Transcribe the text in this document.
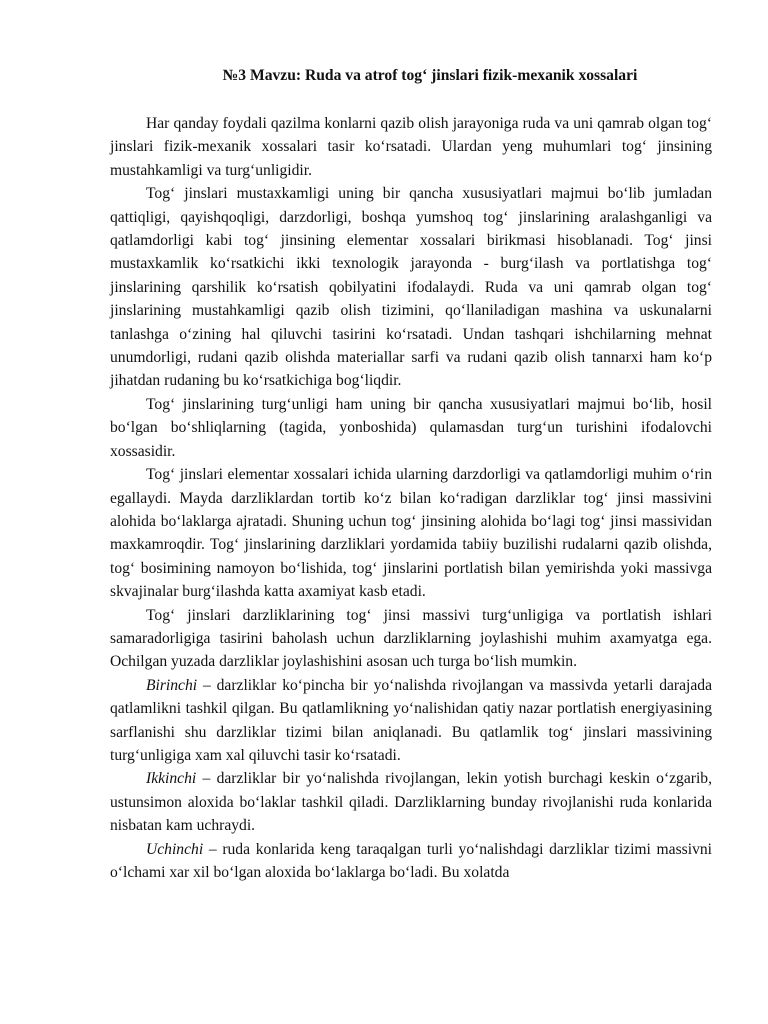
№3 Mavzu: Ruda va atrof tog‘ jinslari fizik-mexanik xossalari

Har qanday foydali qazilma konlarni qazib olish jarayoniga ruda va uni qamrab olgan tog‘ jinslari fizik-mexanik xossalari tasir ko‘rsatadi. Ulardan yeng muhumlari tog‘ jinsining mustahkamligi va turg‘unligidir.

Tog‘ jinslari mustaxkamligi uning bir qancha xususiyatlari majmui bo‘lib jumladan qattiqligi, qayishqoqligi, darzdorligi, boshqa yumshoq tog‘ jinslarining aralashganligi va qatlamdorligi kabi tog‘ jinsining elementar xossalari birikmasi hisoblanadi. Tog‘ jinsi mustaxkamlik ko‘rsatkichi ikki texnologik jarayonda - burg‘ilash va portlatishga tog‘ jinslarining qarshilik ko‘rsatish qobilyatini ifodalaydi. Ruda va uni qamrab olgan tog‘ jinslarining mustahkamligi qazib olish tizimini, qo‘llaniladigan mashina va uskunalarni tanlashga o‘zining hal qiluvchi tasirini ko‘rsatadi. Undan tashqari ishchilarning mehnat unumdorligi, rudani qazib olishda materiallar sarfi va rudani qazib olish tannarxi ham ko‘p jihatdan rudaning bu ko‘rsatkichiga bog‘liqdir.

Tog‘ jinslarining turg‘unligi ham uning bir qancha xususiyatlari majmui bo‘lib, hosil bo‘lgan bo‘shliqlarning (tagida, yonboshida) qulamasdan turg‘un turishini ifodalovchi xossasidir.

Tog‘ jinslari elementar xossalari ichida ularning darzdorligi va qatlamdorligi muhim o‘rin egallaydi. Mayda darzliklardan tortib ko‘z bilan ko‘radigan darzliklar tog‘ jinsi massivini alohida bo‘laklarga ajratadi. Shuning uchun tog‘ jinsining alohida bo‘lagi tog‘ jinsi massividan maxkamroqdir. Tog‘ jinslarining darzliklari yordamida tabiiy buzilishi rudalarni qazib olishda, tog‘ bosimining namoyon bo‘lishida, tog‘ jinslarini portlatish bilan yemirishda yoki massivga skvajinalar burg‘ilashda katta axamiyat kasb etadi.

Tog‘ jinslari darzliklarining tog‘ jinsi massivi turg‘unligiga va portlatish ishlari samaradorligiga tasirini baholash uchun darzliklarning joylashishi muhim axamyatga ega. Ochilgan yuzada darzliklar joylashishini asosan uch turga bo‘lish mumkin.

Birinchi – darzliklar ko‘pincha bir yo‘nalishda rivojlangan va massivda yetarli darajada qatlamlikni tashkil qilgan. Bu qatlamlikning yo‘nalishidan qatiy nazar portlatish energiyasining sarflanishi shu darzliklar tizimi bilan aniqlanadi. Bu qatlamlik tog‘ jinslari massivining turg‘unligiga xam xal qiluvchi tasir ko‘rsatadi.

Ikkinchi – darzliklar bir yo‘nalishda rivojlangan, lekin yotish burchagi keskin o‘zgarib, ustunsimon aloxida bo‘laklar tashkil qiladi. Darzliklarning bunday rivojlanishi ruda konlarida nisbatan kam uchraydi.

Uchinchi – ruda konlarida keng taraqalgan turli yo‘nalishdagi darzliklar tizimi massivni o‘lchami xar xil bo‘lgan aloxida bo‘laklarga bo‘ladi. Bu xolatda
